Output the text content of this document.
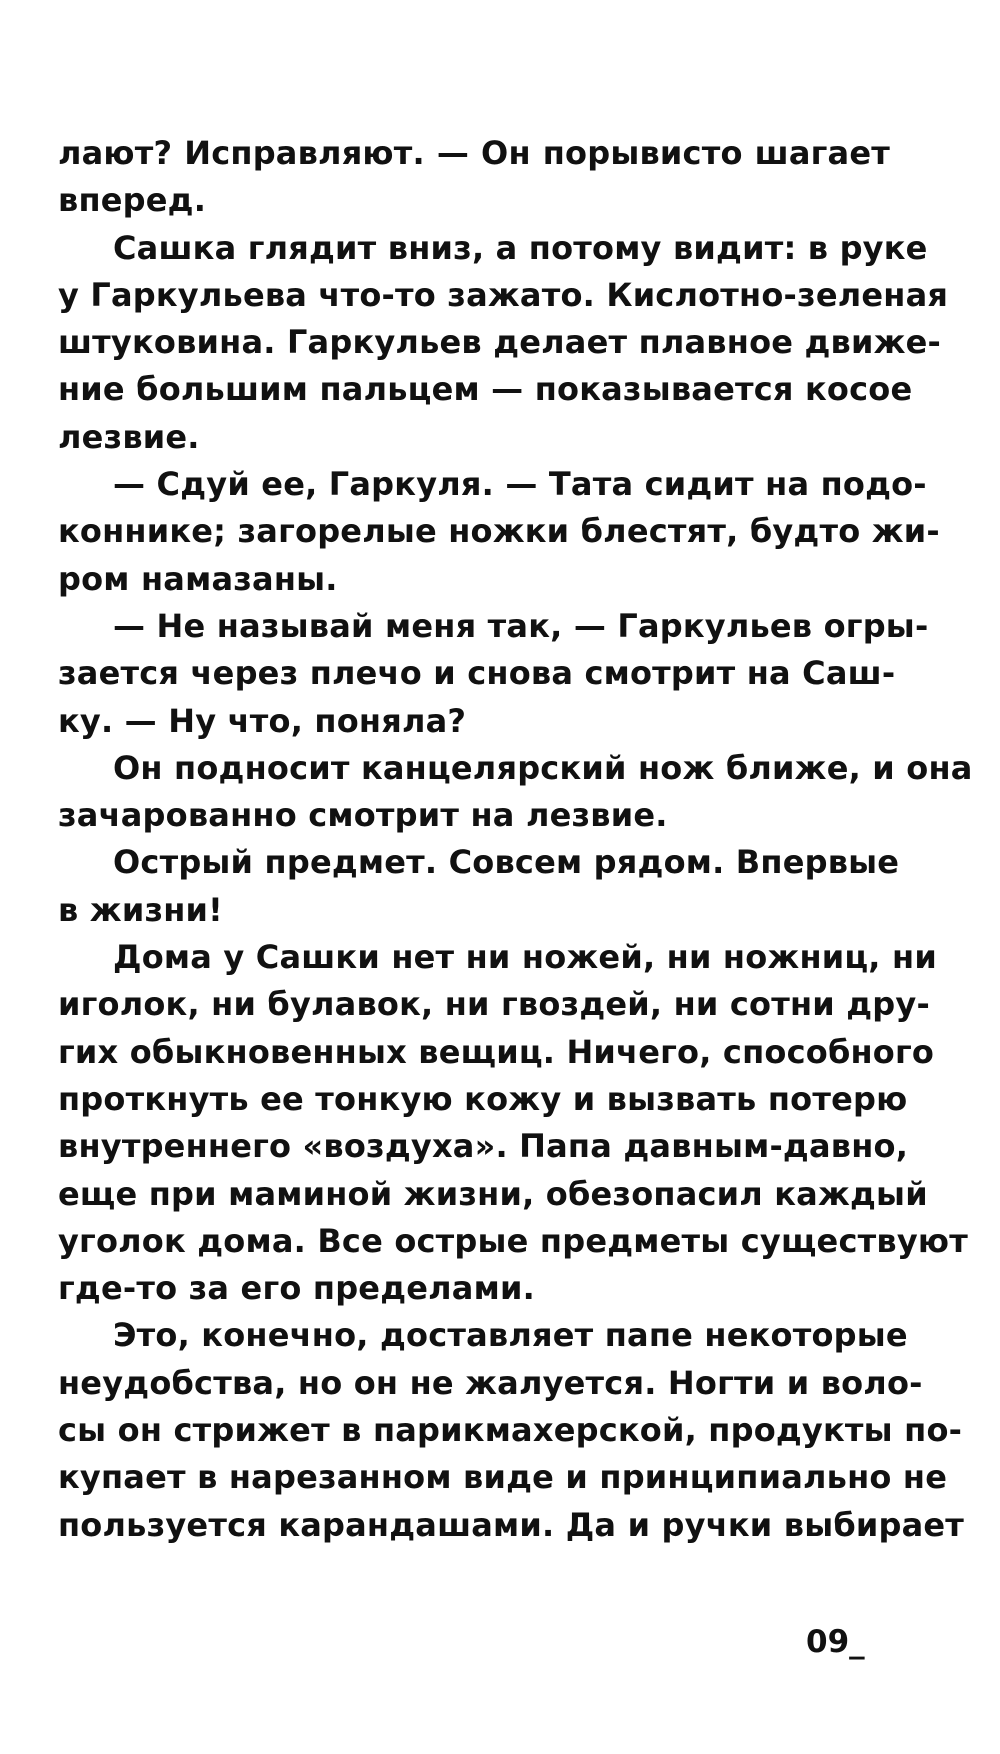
лают? Исправляют. — Он порывисто шагает
вперед.
Сашка глядит вниз, а потому видит: в руке
у Гаркульева что-то зажато. Кислотно-зеленая
штуковина. Гаркульев делает плавное движе-
ние большим пальцем — показывается косое
лезвие.
— Сдуй ее, Гаркуля. — Тата сидит на подо-
коннике; загорелые ножки блестят, будто жи-
ром намазаны.
— Не называй меня так, — Гаркульев огры-
зается через плечо и снова смотрит на Саш-
ку. — Ну что, поняла?
Он подносит канцелярский нож ближе, и она
зачарованно смотрит на лезвие.
Острый предмет. Совсем рядом. Впервые
в жизни!
Дома у Сашки нет ни ножей, ни ножниц, ни
иголок, ни булавок, ни гвоздей, ни сотни дру-
гих обыкновенных вещиц. Ничего, способного
проткнуть ее тонкую кожу и вызвать потерю
внутреннего «воздуха». Папа давным-давно,
еще при маминой жизни, обезопасил каждый
уголок дома. Все острые предметы существуют
где-то за его пределами.
Это, конечно, доставляет папе некоторые
неудобства, но он не жалуется. Ногти и воло-
сы он стрижет в парикмахерской, продукты по-
купает в нарезанном виде и принципиально не
пользуется карандашами. Да и ручки выбирает
09_
